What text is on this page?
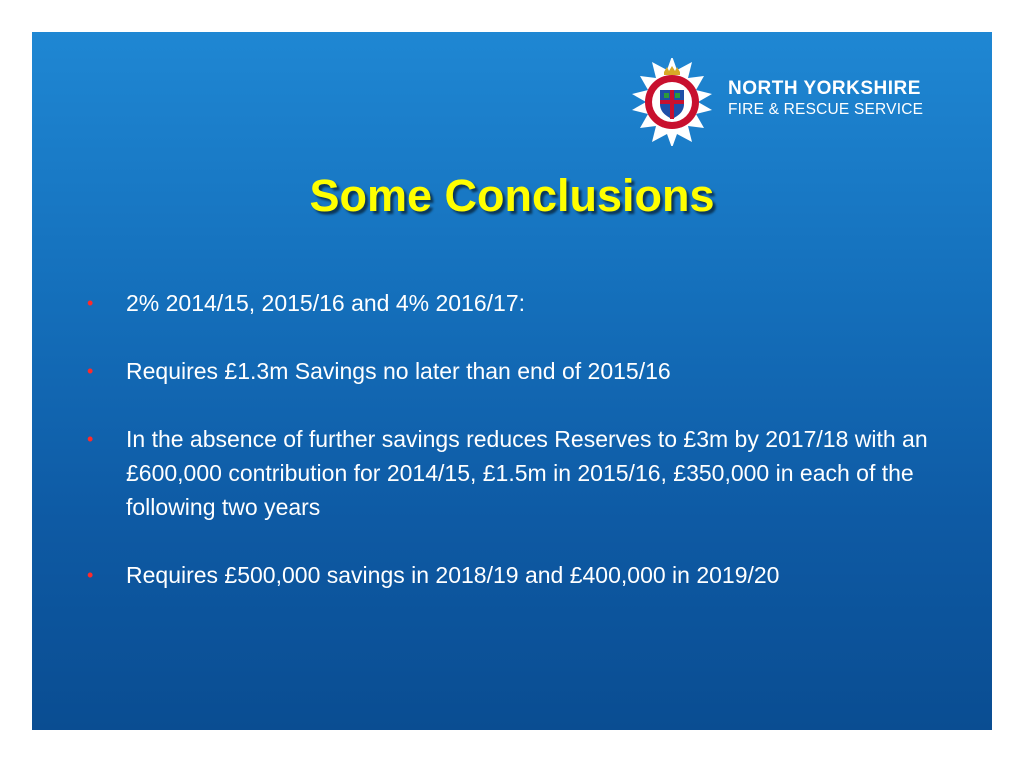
NORTH YORKSHIRE
FIRE & RESCUE SERVICE
Some Conclusions
• 2% 2014/15, 2015/16 and 4% 2016/17:
• Requires £1.3m Savings no later than end of 2015/16
• In the absence of further savings reduces Reserves to £3m by 2017/18 with an £600,000 contribution for 2014/15, £1.5m in 2015/16, £350,000 in each of the following two years
• Requires £500,000 savings in 2018/19 and £400,000 in 2019/20
